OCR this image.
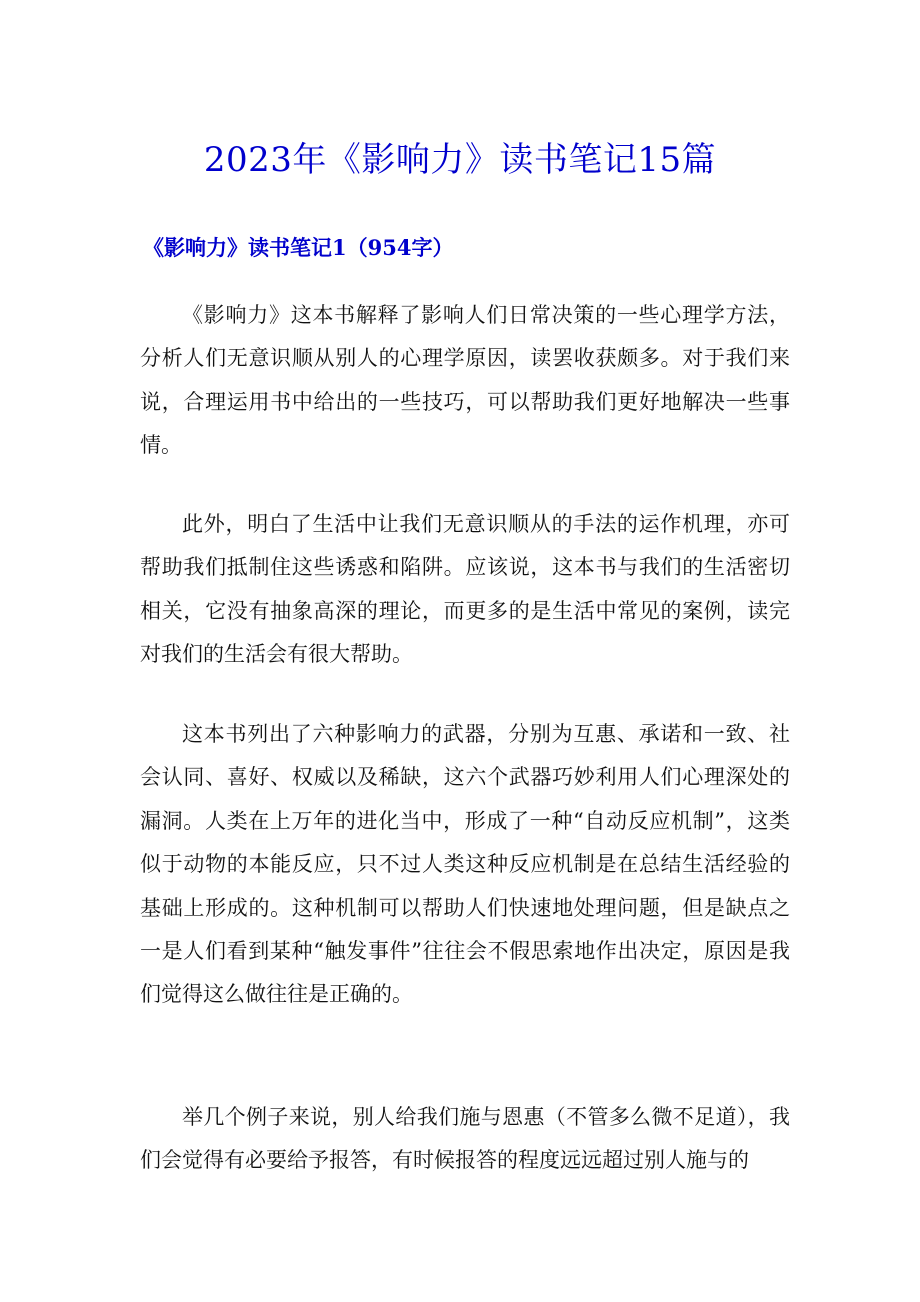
2023年《影响力》读书笔记15篇
《影响力》读书笔记1（954字）

《影响力》这本书解释了影响人们日常决策的一些心理学方法，分析人们无意识顺从别人的心理学原因，读罢收获颇多。对于我们来说，合理运用书中给出的一些技巧，可以帮助我们更好地解决一些事情。

此外，明白了生活中让我们无意识顺从的手法的运作机理，亦可帮助我们抵制住这些诱惑和陷阱。应该说，这本书与我们的生活密切相关，它没有抽象高深的理论，而更多的是生活中常见的案例，读完对我们的生活会有很大帮助。

这本书列出了六种影响力的武器，分别为互惠、承诺和一致、社会认同、喜好、权威以及稀缺，这六个武器巧妙利用人们心理深处的漏洞。人类在上万年的进化当中，形成了一种“自动反应机制”，这类似于动物的本能反应，只不过人类这种反应机制是在总结生活经验的基础上形成的。这种机制可以帮助人们快速地处理问题，但是缺点之一是人们看到某种“触发事件”往往会不假思索地作出决定，原因是我们觉得这么做往往是正确的。

举几个例子来说，别人给我们施与恩惠（不管多么微不足道），我们会觉得有必要给予报答，有时候报答的程度远远超过别人施与的
